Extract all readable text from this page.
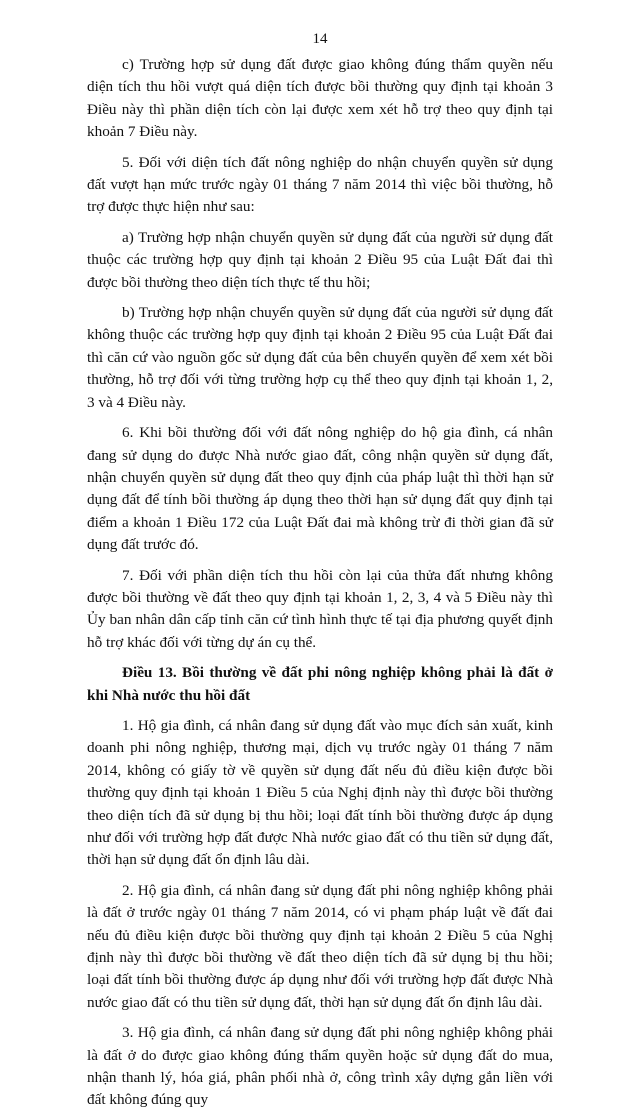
14

c) Trường hợp sử dụng đất được giao không đúng thẩm quyền nếu diện tích thu hồi vượt quá diện tích được bồi thường quy định tại khoản 3 Điều này thì phần diện tích còn lại được xem xét hỗ trợ theo quy định tại khoản 7 Điều này.

5. Đối với diện tích đất nông nghiệp do nhận chuyển quyền sử dụng đất vượt hạn mức trước ngày 01 tháng 7 năm 2014 thì việc bồi thường, hỗ trợ được thực hiện như sau:

a) Trường hợp nhận chuyển quyền sử dụng đất của người sử dụng đất thuộc các trường hợp quy định tại khoản 2 Điều 95 của Luật Đất đai thì được bồi thường theo diện tích thực tế thu hồi;

b) Trường hợp nhận chuyển quyền sử dụng đất của người sử dụng đất không thuộc các trường hợp quy định tại khoản 2 Điều 95 của Luật Đất đai thì căn cứ vào nguồn gốc sử dụng đất của bên chuyển quyền để xem xét bồi thường, hỗ trợ đối với từng trường hợp cụ thể theo quy định tại khoản 1, 2, 3 và 4 Điều này.

6. Khi bồi thường đối với đất nông nghiệp do hộ gia đình, cá nhân đang sử dụng do được Nhà nước giao đất, công nhận quyền sử dụng đất, nhận chuyển quyền sử dụng đất theo quy định của pháp luật thì thời hạn sử dụng đất để tính bồi thường áp dụng theo thời hạn sử dụng đất quy định tại điểm a khoản 1 Điều 172 của Luật Đất đai mà không trừ đi thời gian đã sử dụng đất trước đó.

7. Đối với phần diện tích thu hồi còn lại của thửa đất nhưng không được bồi thường về đất theo quy định tại khoản 1, 2, 3, 4 và 5 Điều này thì Ủy ban nhân dân cấp tỉnh căn cứ tình hình thực tế tại địa phương quyết định hỗ trợ khác đối với từng dự án cụ thể.

Điều 13. Bồi thường về đất phi nông nghiệp không phải là đất ở khi Nhà nước thu hồi đất

1. Hộ gia đình, cá nhân đang sử dụng đất vào mục đích sản xuất, kinh doanh phi nông nghiệp, thương mại, dịch vụ trước ngày 01 tháng 7 năm 2014, không có giấy tờ về quyền sử dụng đất nếu đủ điều kiện được bồi thường quy định tại khoản 1 Điều 5 của Nghị định này thì được bồi thường theo diện tích đã sử dụng bị thu hồi; loại đất tính bồi thường được áp dụng như đối với trường hợp đất được Nhà nước giao đất có thu tiền sử dụng đất, thời hạn sử dụng đất ổn định lâu dài.

2. Hộ gia đình, cá nhân đang sử dụng đất phi nông nghiệp không phải là đất ở trước ngày 01 tháng 7 năm 2014, có vi phạm pháp luật về đất đai nếu đủ điều kiện được bồi thường quy định tại khoản 2 Điều 5 của Nghị định này thì được bồi thường về đất theo diện tích đã sử dụng bị thu hồi; loại đất tính bồi thường được áp dụng như đối với trường hợp đất được Nhà nước giao đất có thu tiền sử dụng đất, thời hạn sử dụng đất ổn định lâu dài.

3. Hộ gia đình, cá nhân đang sử dụng đất phi nông nghiệp không phải là đất ở do được giao không đúng thẩm quyền hoặc sử dụng đất do mua, nhận thanh lý, hóa giá, phân phối nhà ở, công trình xây dựng gắn liền với đất không đúng quy
